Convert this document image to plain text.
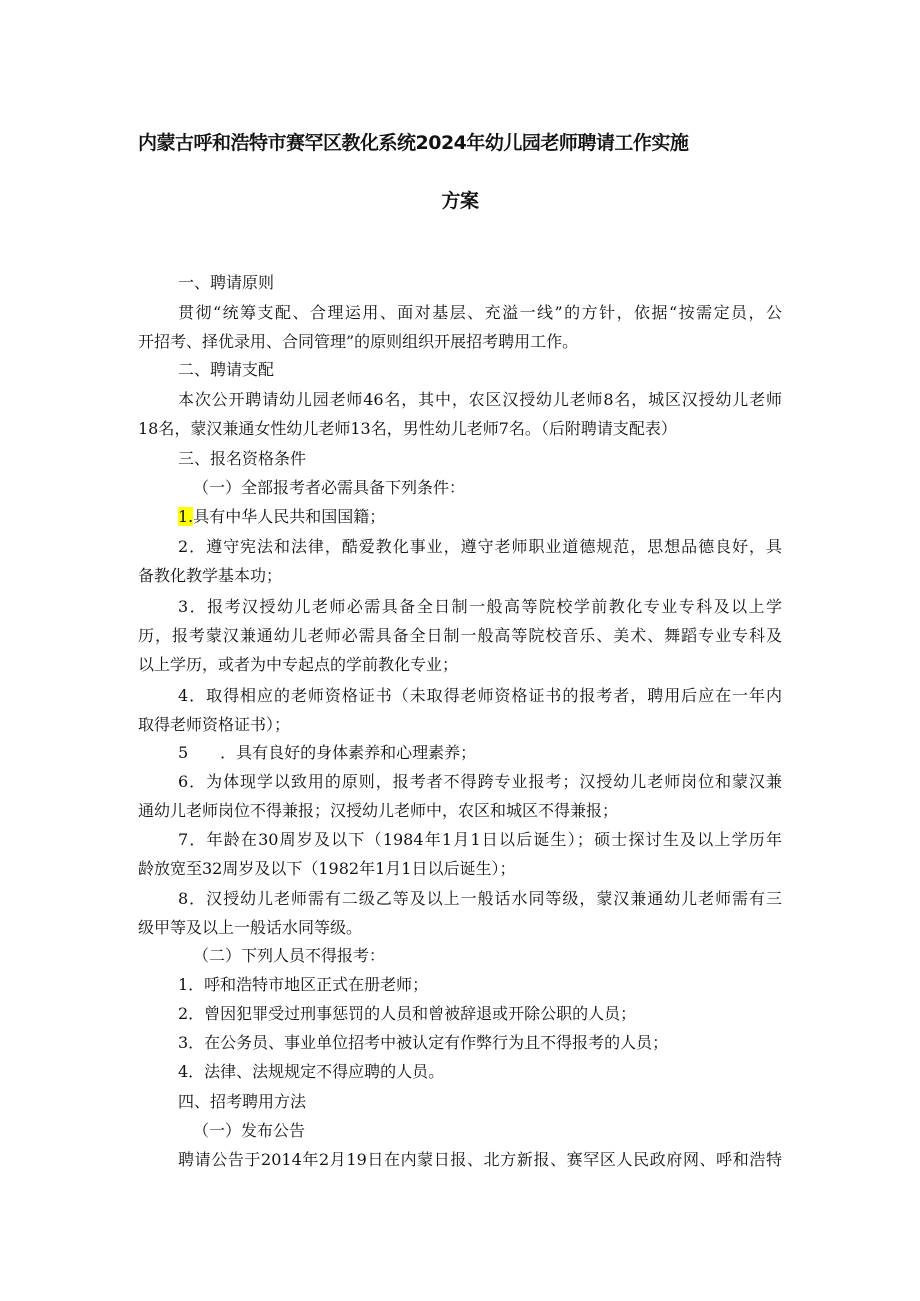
内蒙古呼和浩特市赛罕区教化系统2024年幼儿园老师聘请工作实施
方案
一、聘请原则
贯彻“统筹支配、合理运用、面对基层、充溢一线”的方针，依据“按需定员，公
开招考、择优录用、合同管理”的原则组织开展招考聘用工作。
二、聘请支配
本次公开聘请幼儿园老师46名，其中，农区汉授幼儿老师8名，城区汉授幼儿老师
18名，蒙汉兼通女性幼儿老师13名，男性幼儿老师7名。（后附聘请支配表）
三、报名资格条件
（一）全部报考者必需具备下列条件：
1.具有中华人民共和国国籍；
2．遵守宪法和法律，酷爱教化事业，遵守老师职业道德规范，思想品德良好，具
备教化教学基本功；
3．报考汉授幼儿老师必需具备全日制一般高等院校学前教化专业专科及以上学
历，报考蒙汉兼通幼儿老师必需具备全日制一般高等院校音乐、美术、舞蹈专业专科及
以上学历，或者为中专起点的学前教化专业；
4．取得相应的老师资格证书（未取得老师资格证书的报考者，聘用后应在一年内
取得老师资格证书）；
5　　．具有良好的身体素养和心理素养；
6．为体现学以致用的原则，报考者不得跨专业报考；汉授幼儿老师岗位和蒙汉兼
通幼儿老师岗位不得兼报；汉授幼儿老师中，农区和城区不得兼报；
7．年龄在30周岁及以下（1984年1月1日以后诞生）；硕士探讨生及以上学历年
龄放宽至32周岁及以下（1982年1月1日以后诞生）；
8．汉授幼儿老师需有二级乙等及以上一般话水同等级，蒙汉兼通幼儿老师需有三
级甲等及以上一般话水同等级。
（二）下列人员不得报考：
1．呼和浩特市地区正式在册老师；
2．曾因犯罪受过刑事惩罚的人员和曾被辞退或开除公职的人员；
3．在公务员、事业单位招考中被认定有作弊行为且不得报考的人员；
4．法律、法规规定不得应聘的人员。
四、招考聘用方法
（一）发布公告
聘请公告于2014年2月19日在内蒙日报、北方新报、赛罕区人民政府网、呼和浩特
